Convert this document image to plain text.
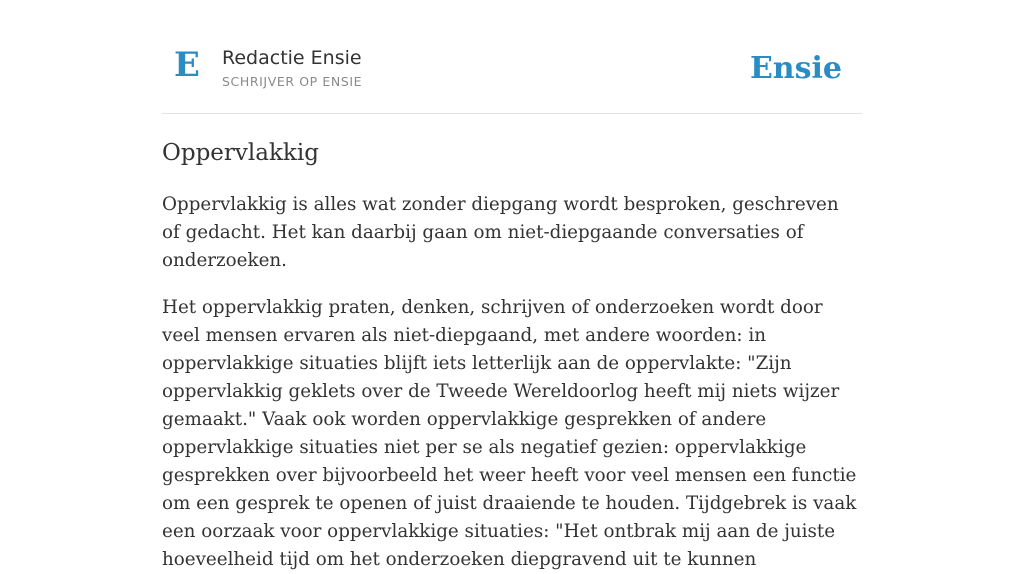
E Redactie Ensie
SCHRIJVER OP ENSIE	Ensie
Oppervlakkig

Oppervlakkig is alles wat zonder diepgang wordt besproken, geschreven of gedacht. Het kan daarbij gaan om niet-diepgaande conversaties of onderzoeken.

Het oppervlakkig praten, denken, schrijven of onderzoeken wordt door veel mensen ervaren als niet-diepgaand, met andere woorden: in oppervlakkige situaties blijft iets letterlijk aan de oppervlakte: "Zijn oppervlakkig geklets over de Tweede Wereldoorlog heeft mij niets wijzer gemaakt." Vaak ook worden oppervlakkige gesprekken of andere oppervlakkige situaties niet per se als negatief gezien: oppervlakkige gesprekken over bijvoorbeeld het weer heeft voor veel mensen een functie om een gesprek te openen of juist draaiende te houden. Tijdgebrek is vaak een oorzaak voor oppervlakkige situaties: "Het ontbrak mij aan de juiste hoeveelheid tijd om het onderzoeken diepgravend uit te kunnen
